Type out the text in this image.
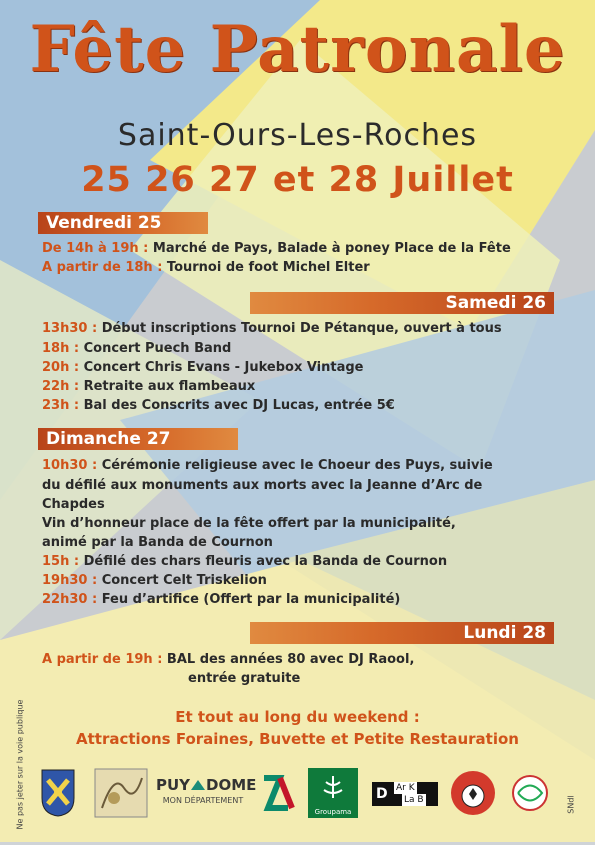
Fête Patronale
Saint-Ours-Les-Roches
25 26 27 et 28 Juillet
Vendredi 25
De 14h à 19h : Marché de Pays, Balade à poney Place de la Fête
A partir de 18h : Tournoi de foot Michel Elter
Samedi 26
13h30 : Début inscriptions Tournoi De Pétanque, ouvert à tous
18h : Concert Puech Band
20h : Concert Chris Evans - Jukebox Vintage
22h : Retraite aux flambeaux
23h : Bal des Conscrits avec DJ Lucas, entrée 5€
Dimanche 27
10h30 : Cérémonie religieuse avec le Choeur des Puys, suivie
du défilé aux monuments aux morts avec la Jeanne d’Arc de
Chapdes
Vin d’honneur place de la fête offert par la municipalité,
animé par la Banda de Cournon
15h : Défilé des chars fleuris avec la Banda de Cournon
19h30 : Concert Celt Triskelion
22h30 : Feu d’artifice (Offert par la municipalité)
Lundi 28
A partir de 19h : BAL des années 80 avec DJ Raool,
entrée gratuite
Et tout au long du weekend :
Attractions Foraines, Buvette et Petite Restauration
Ne pas jeter sur la voie publique	SNdl
PUY DOME
MON DÉPARTEMENT
Groupama
D Ar K
La B
